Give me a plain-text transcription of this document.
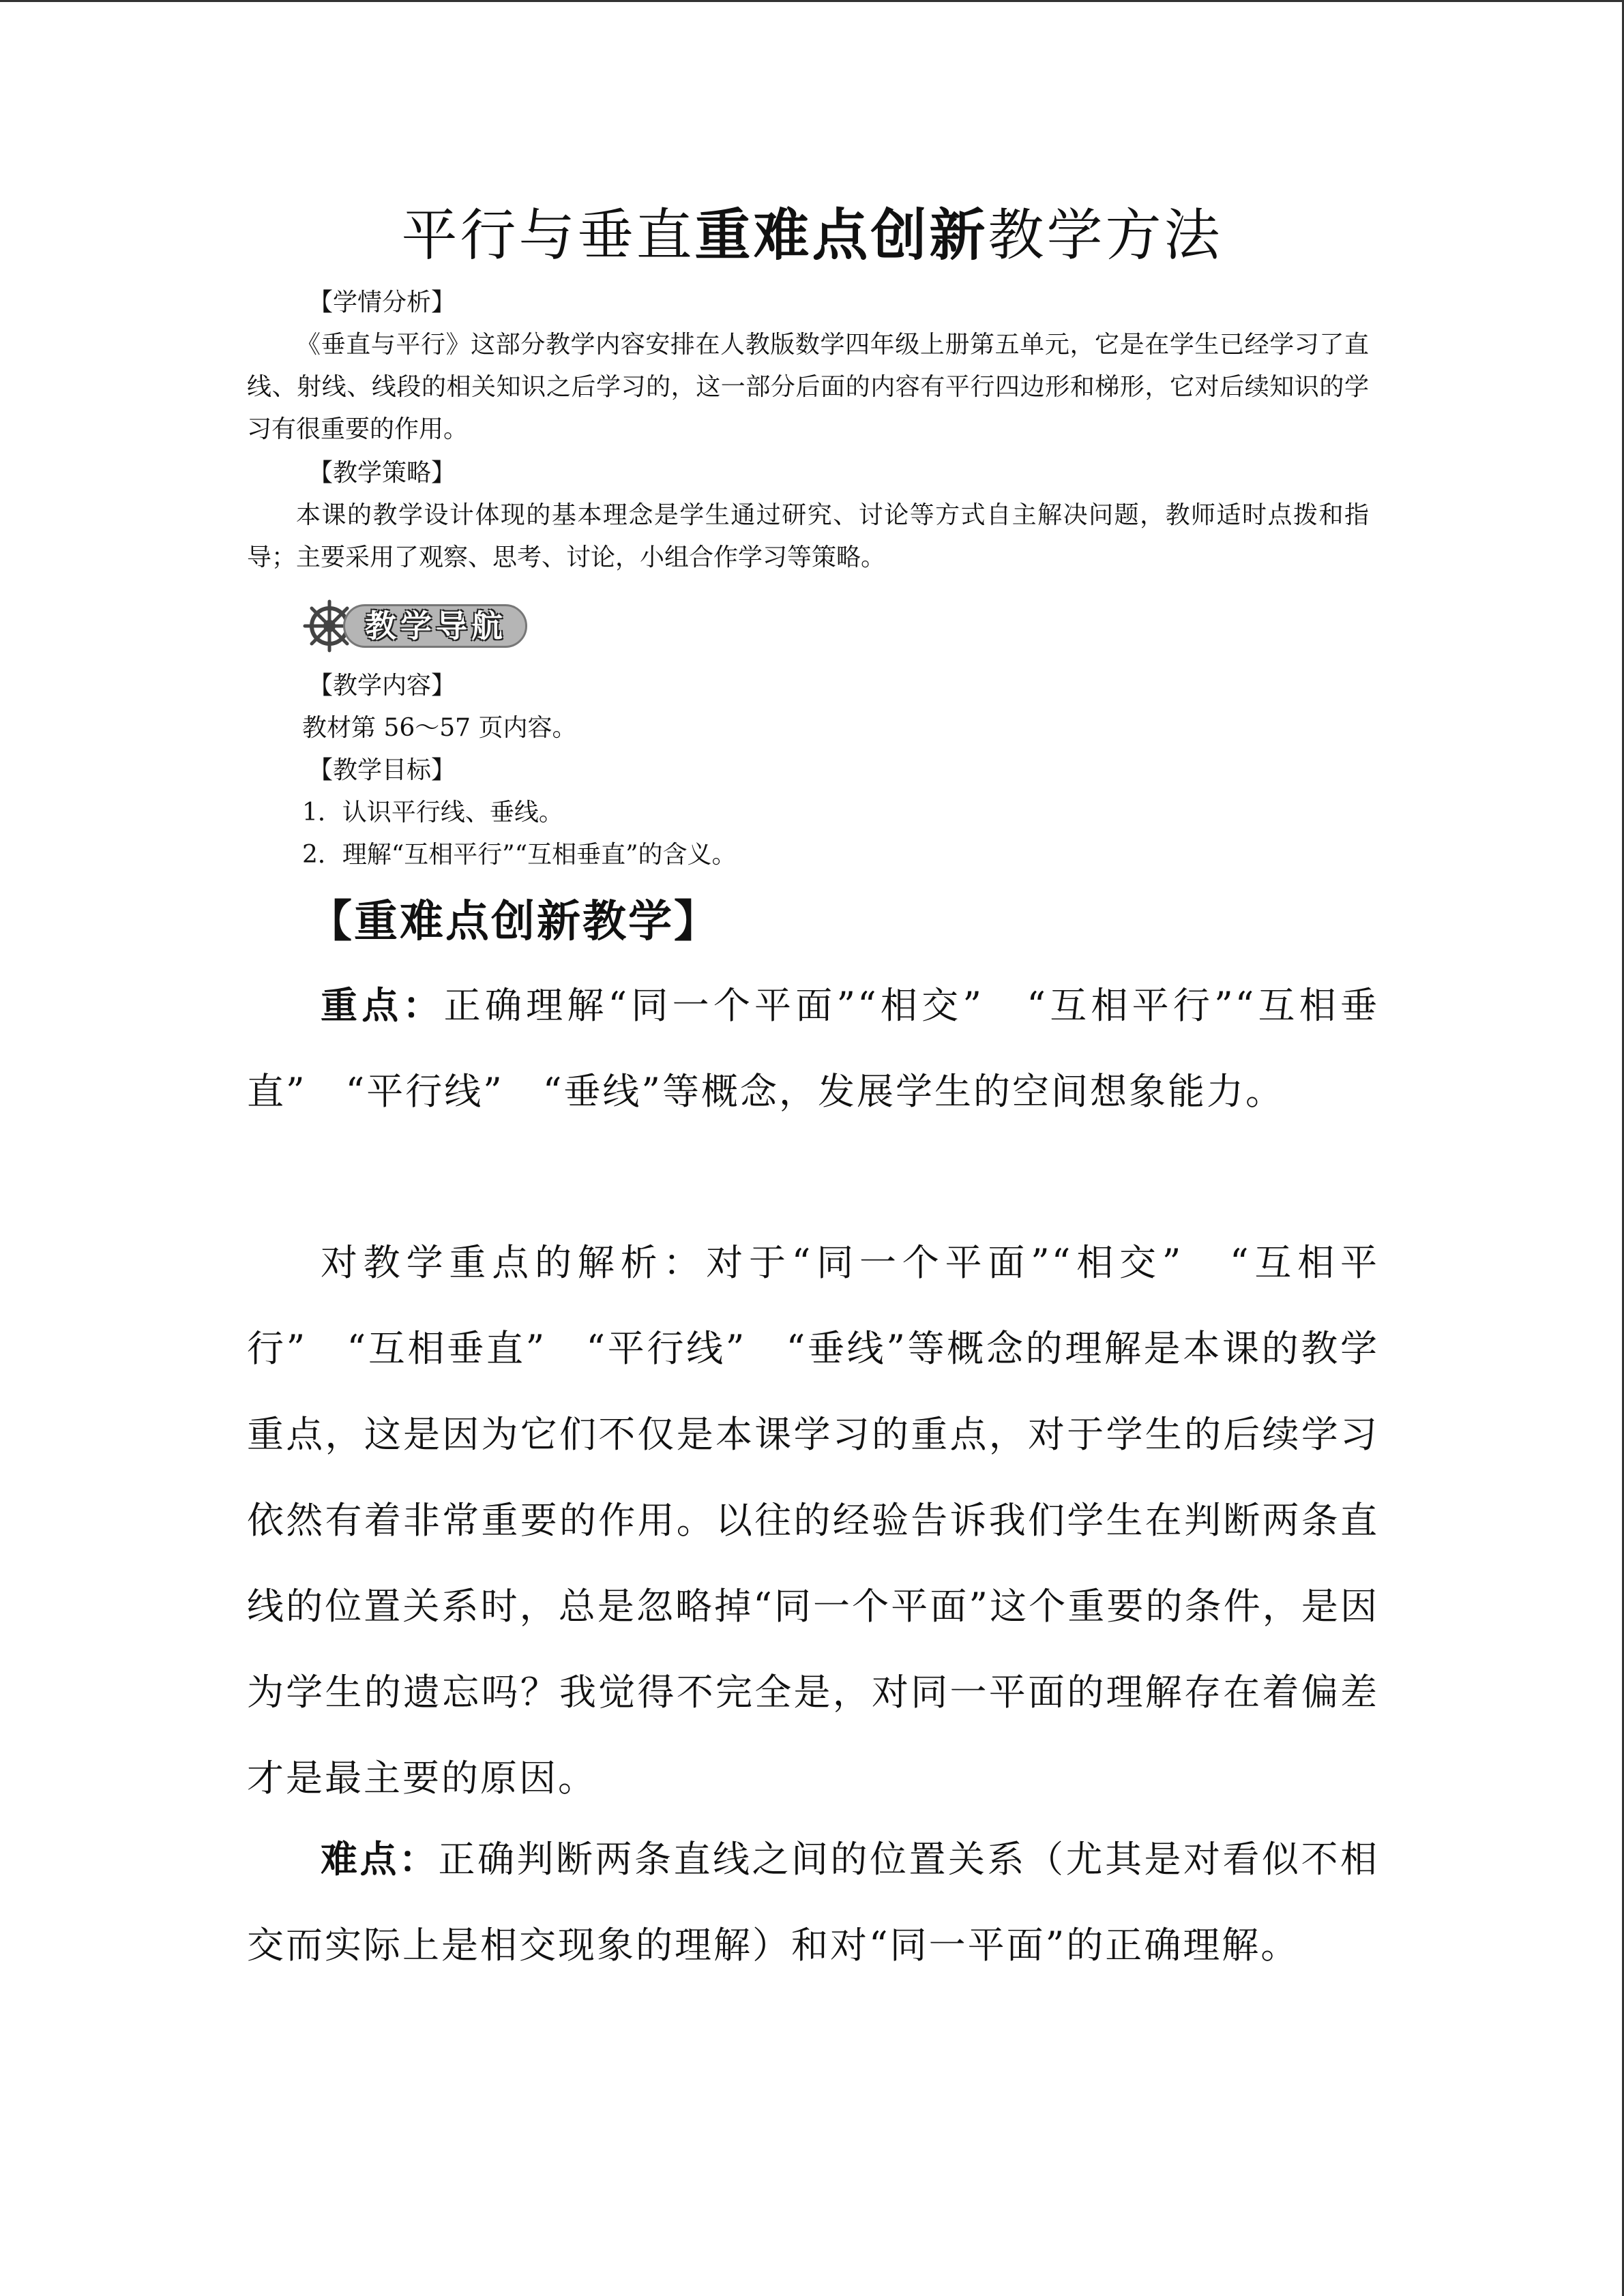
平行与垂直重难点创新教学方法
【学情分析】
《垂直与平行》这部分教学内容安排在人教版数学四年级上册第五单元，它是在学生已经学习了直线、射线、线段的相关知识之后学习的，这一部分后面的内容有平行四边形和梯形，它对后续知识的学习有很重要的作用。
【教学策略】
本课的教学设计体现的基本理念是学生通过研究、讨论等方式自主解决问题，教师适时点拨和指导；主要采用了观察、思考、讨论，小组合作学习等策略。
教学导航
【教学内容】
教材第 56～57 页内容。
【教学目标】
1．认识平行线、垂线。
2．理解“互相平行”“互相垂直”的含义。
【重难点创新教学】
重点：正确理解“同一个平面”“相交”　“互相平行”“互相垂直”　“平行线”　“垂线”等概念，发展学生的空间想象能力。
对教学重点的解析：对于“同一个平面”“相交”　“互相平行”　“互相垂直”　“平行线”　“垂线”等概念的理解是本课的教学重点，这是因为它们不仅是本课学习的重点，对于学生的后续学习依然有着非常重要的作用。以往的经验告诉我们学生在判断两条直线的位置关系时，总是忽略掉“同一个平面”这个重要的条件，是因为学生的遗忘吗？我觉得不完全是，对同一平面的理解存在着偏差才是最主要的原因。
难点：正确判断两条直线之间的位置关系（尤其是对看似不相交而实际上是相交现象的理解）和对“同一平面”的正确理解。
